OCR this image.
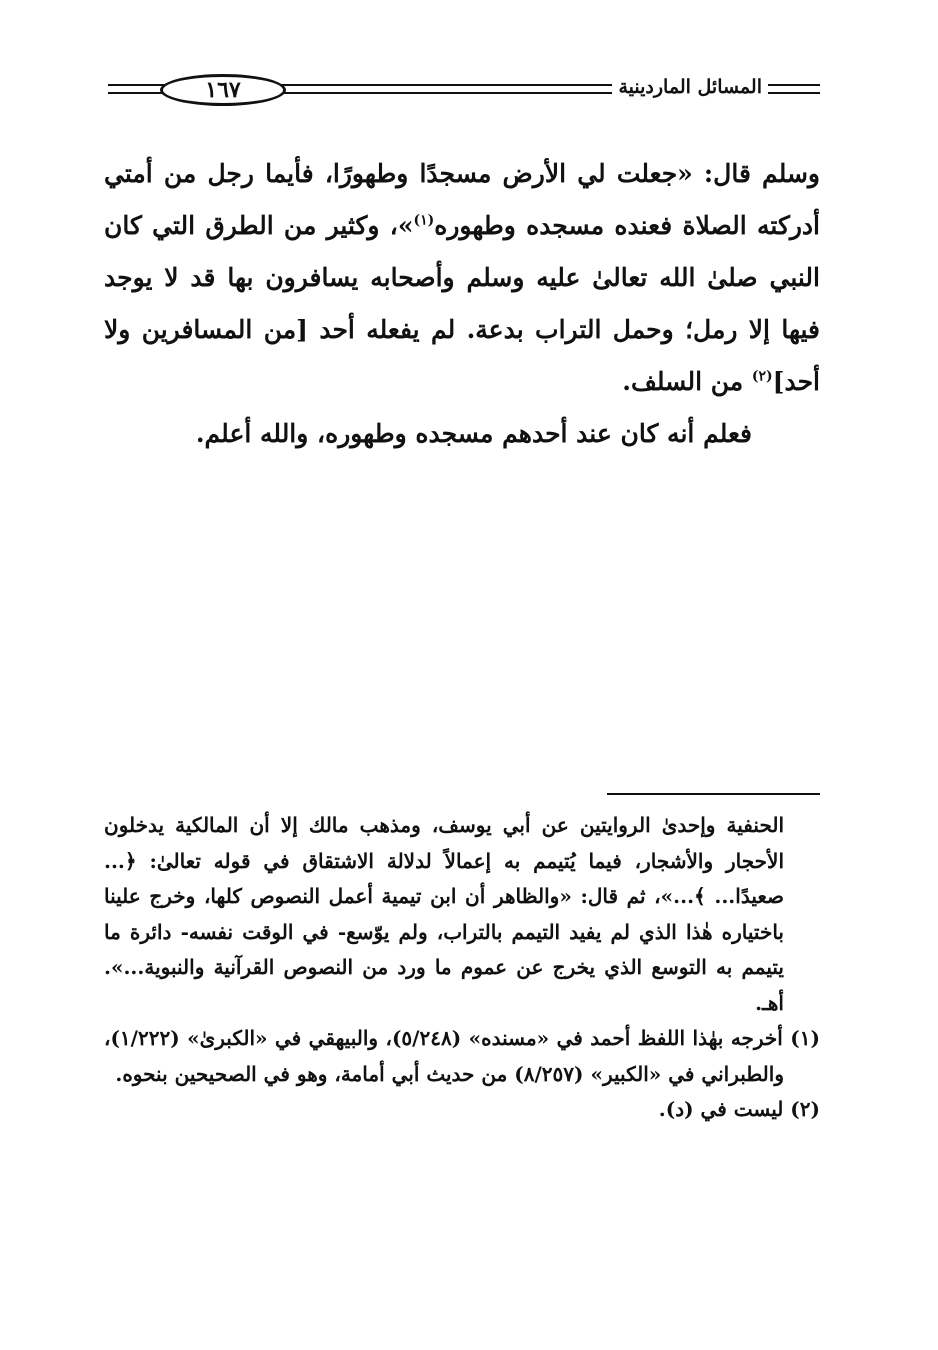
١٦٧	المسائل الماردينية

وسلم قال: «جعلت لي الأرض مسجدًا وطهورًا، فأيما رجل من أمتي أدركته الصلاة فعنده مسجده وطهوره$^{(١)}$»، وكثير من الطرق التي كان النبي صلىٰ الله تعالىٰ عليه وسلم وأصحابه يسافرون بها قد لا يوجد فيها إلا رمل؛ وحمل التراب بدعة. لم يفعله أحد [من المسافرين ولا أحد]$^{(٢)}$ من السلف.

فعلم أنه كان عند أحدهم مسجده وطهوره، والله أعلم.

الحنفية وإحدىٰ الروايتين عن أبي يوسف، ومذهب مالك إلا أن المالكية يدخلون الأحجار والأشجار، فيما يُتيمم به إعمالاً لدلالة الاشتقاق في قوله تعالىٰ: ﴿... صعيدًا... ﴾...»، ثم قال: «والظاهر أن ابن تيمية أعمل النصوص كلها، وخرج علينا باختياره هٰذا الذي لم يفيد التيمم بالتراب، ولم يوّسع- في الوقت نفسه- دائرة ما يتيمم به التوسع الذي يخرج عن عموم ما ورد من النصوص القرآنية والنبوية...». أهـ.

(١) أخرجه بهٰذا اللفظ أحمد في «مسنده» (٥/٢٤٨)، والبيهقي في «الكبرىٰ» (١/٢٢٢)، والطبراني في «الكبير» (٨/٢٥٧) من حديث أبي أمامة، وهو في الصحيحين بنحوه.

(٢) ليست في (د).
